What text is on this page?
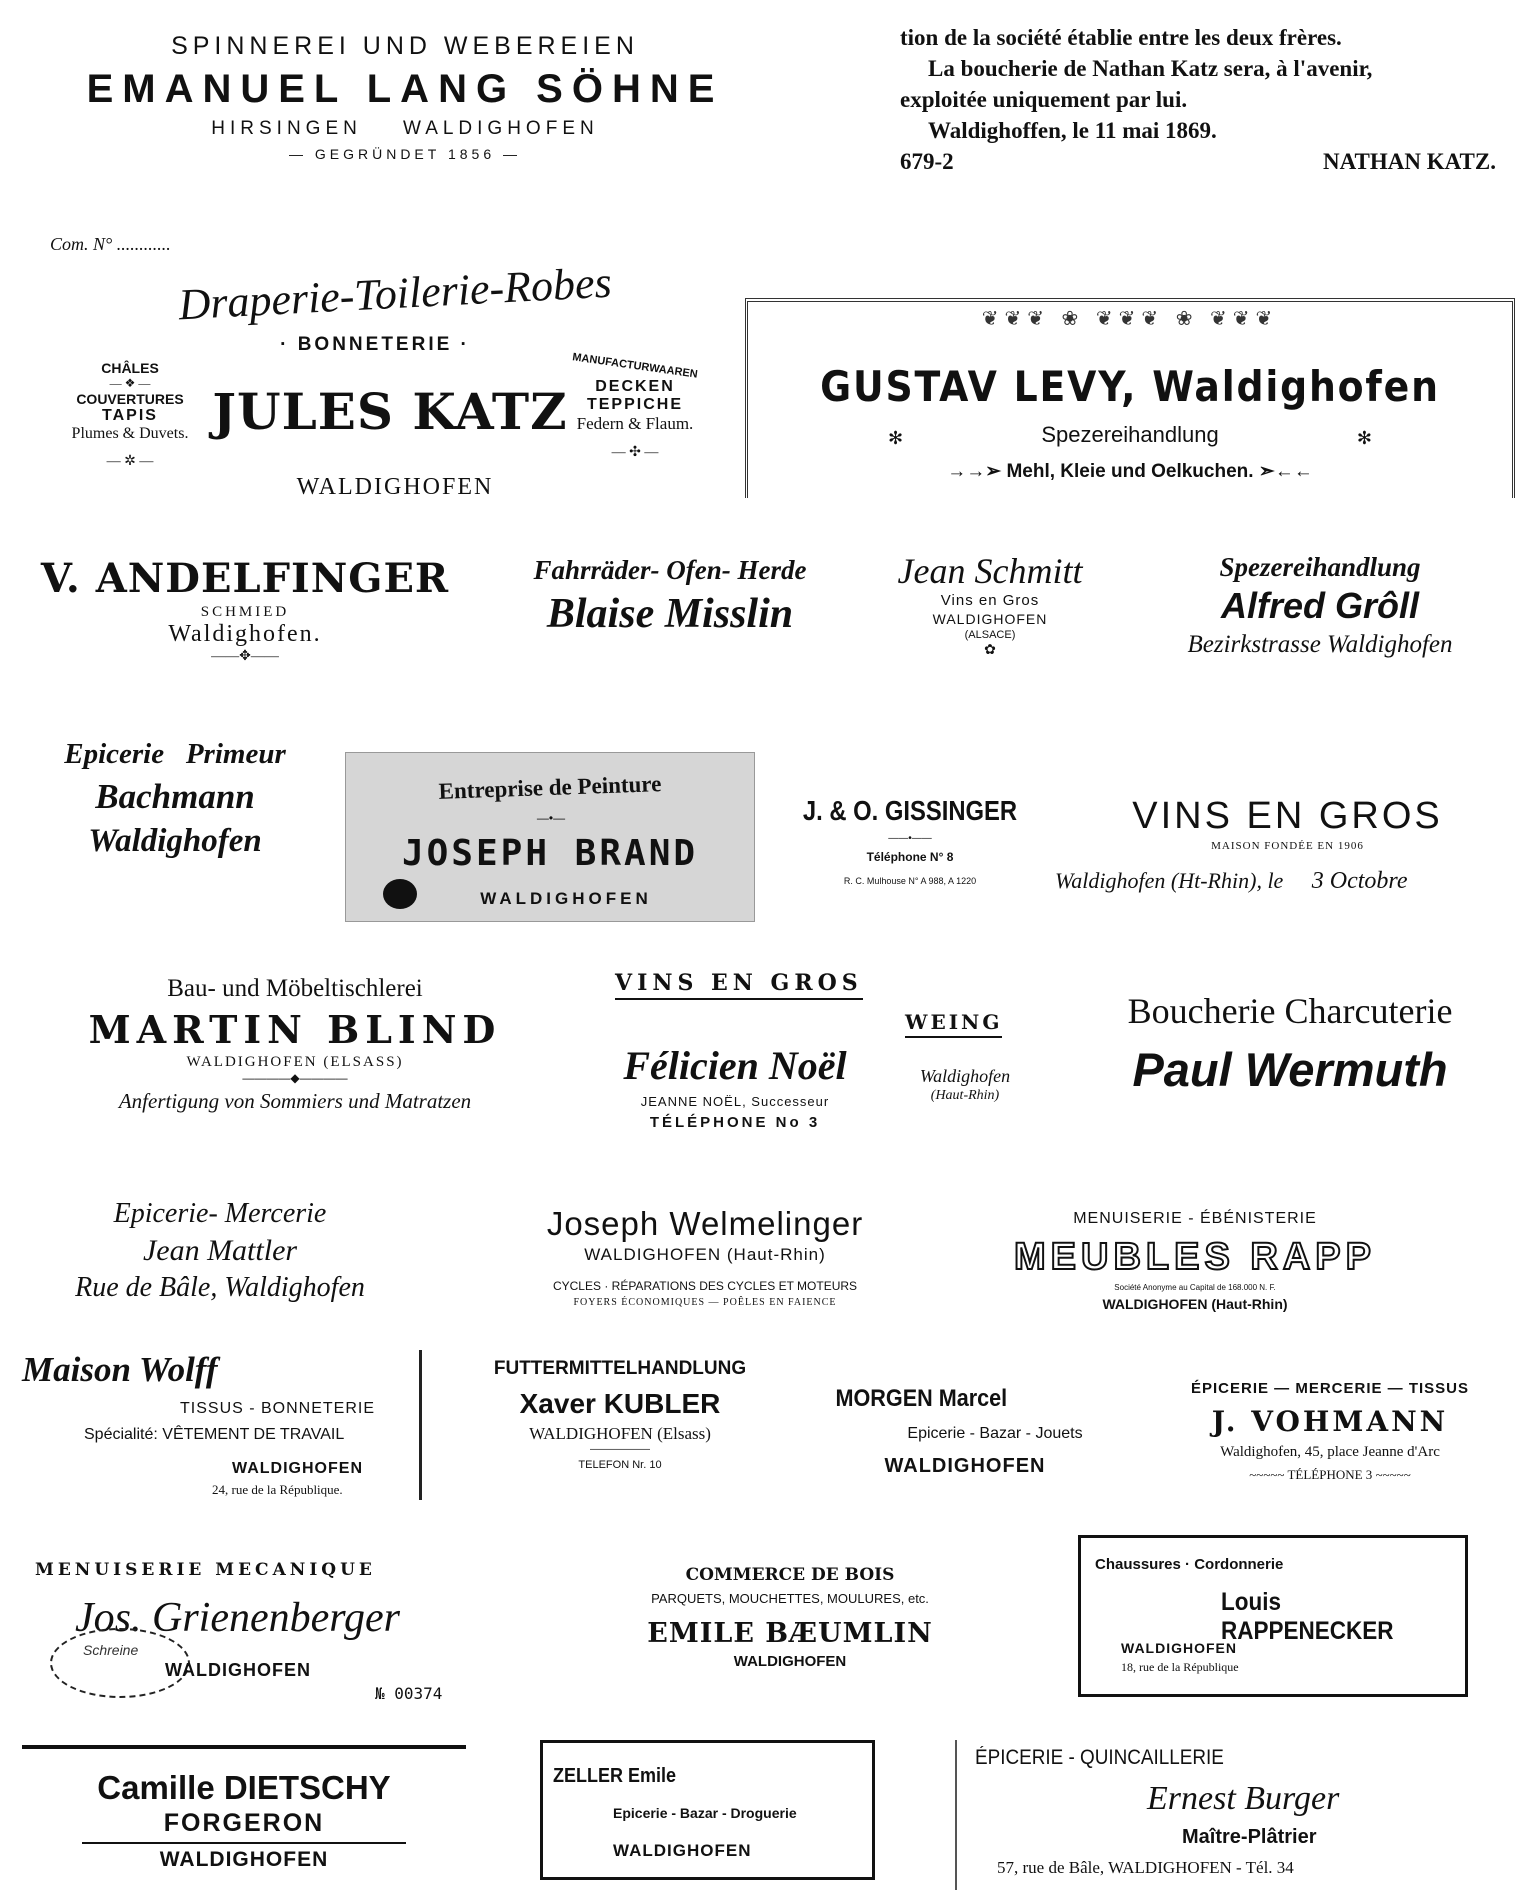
SPINNEREI UND WEBEREIEN
EMANUEL LANG SÖHNE
HIRSINGEN    WALDIGHOFEN
— GEGRÜNDET 1856 —
tion de la société établie entre les deux frères.
La boucherie de Nathan Katz sera, à l'avenir,
exploitée uniquement par lui.
Waldighoffen, le 11 mai 1869.
679-2	NATHAN KATZ.
Com. N° ............
Draperie-Toilerie-Robes
· BONNETERIE ·
CHÂLES
— ❖ —
COUVERTURES
TAPIS
Plumes & Duvets.
— ✲ —
JULES KATZ
WALDIGHOFEN
MANUFACTURWAAREN
DECKEN
TEPPICHE
Federn & Flaum.
— ✣ —
❦❦❦ ❀ ❦❦❦ ❀ ❦❦❦
GUSTAV LEVY, Waldighofen
✻	Spezereihandlung	✻
→→➢ Mehl, Kleie und Oelkuchen. ➣←←
V. ANDELFINGER
SCHMIED
Waldighofen.
——✥——
Fahrräder- Ofen- Herde
Blaise Misslin
Jean Schmitt
Vins en Gros
WALDIGHOFEN
(ALSACE)
✿
Spezereihandlung
Alfred Grôll
Bezirkstrasse Waldighofen
Epicerie   Primeur
Bachmann
Waldighofen
Entreprise de Peinture
—•—
JOSEPH BRAND
WALDIGHOFEN
J. & O. GISSINGER
——•——
Téléphone N° 8
R. C. Mulhouse N° A 988, A 1220
VINS EN GROS
MAISON FONDÉE EN 1906
Waldighofen (Ht-Rhin), le 3 Octobre
Bau- und Möbeltischlerei
MARTIN BLIND
WALDIGHOFEN (ELSASS)
————◆————
Anfertigung von Sommiers und Matratzen
VINS EN GROS
WEING
Félicien Noël	Waldighofen
(Haut-Rhin)
JEANNE NOËL, Successeur
TÉLÉPHONE No 3
Boucherie Charcuterie
Paul Wermuth
Epicerie- Mercerie
Jean Mattler
Rue de Bâle, Waldighofen
Joseph Welmelinger
WALDIGHOFEN (Haut-Rhin)
CYCLES · RÉPARATIONS DES CYCLES ET MOTEURS
FOYERS ÉCONOMIQUES — POÊLES EN FAIENCE
MENUISERIE - ÉBÉNISTERIE
MEUBLES RAPP
Société Anonyme au Capital de 168.000 N. F.
WALDIGHOFEN (Haut-Rhin)
Maison Wolff
TISSUS - BONNETERIE
Spécialité: VÊTEMENT DE TRAVAIL
WALDIGHOFEN
24, rue de la République.
FUTTERMITTELHANDLUNG
Xaver KUBLER
WALDIGHOFEN (Elsass)
——————
TELEFON Nr. 10
MORGEN Marcel
Epicerie - Bazar - Jouets
WALDIGHOFEN
ÉPICERIE — MERCERIE — TISSUS
J. VOHMANN
Waldighofen, 45, place Jeanne d'Arc
~~~~~ TÉLÉPHONE 3 ~~~~~
MENUISERIE MECANIQUE
Jos. Grienenberger
Schreine
WALDIGHOFEN
№ 00374
COMMERCE DE BOIS
PARQUETS, MOUCHETTES, MOULURES, etc.
EMILE BÆUMLIN
WALDIGHOFEN
Chaussures · Cordonnerie
Louis RAPPENECKER
WALDIGHOFEN
18, rue de la République
Camille DIETSCHY
FORGERON
WALDIGHOFEN
ZELLER Emile
Epicerie - Bazar - Droguerie
WALDIGHOFEN
ÉPICERIE - QUINCAILLERIE
Ernest Burger
Maître-Plâtrier
57, rue de Bâle, WALDIGHOFEN - Tél. 34
